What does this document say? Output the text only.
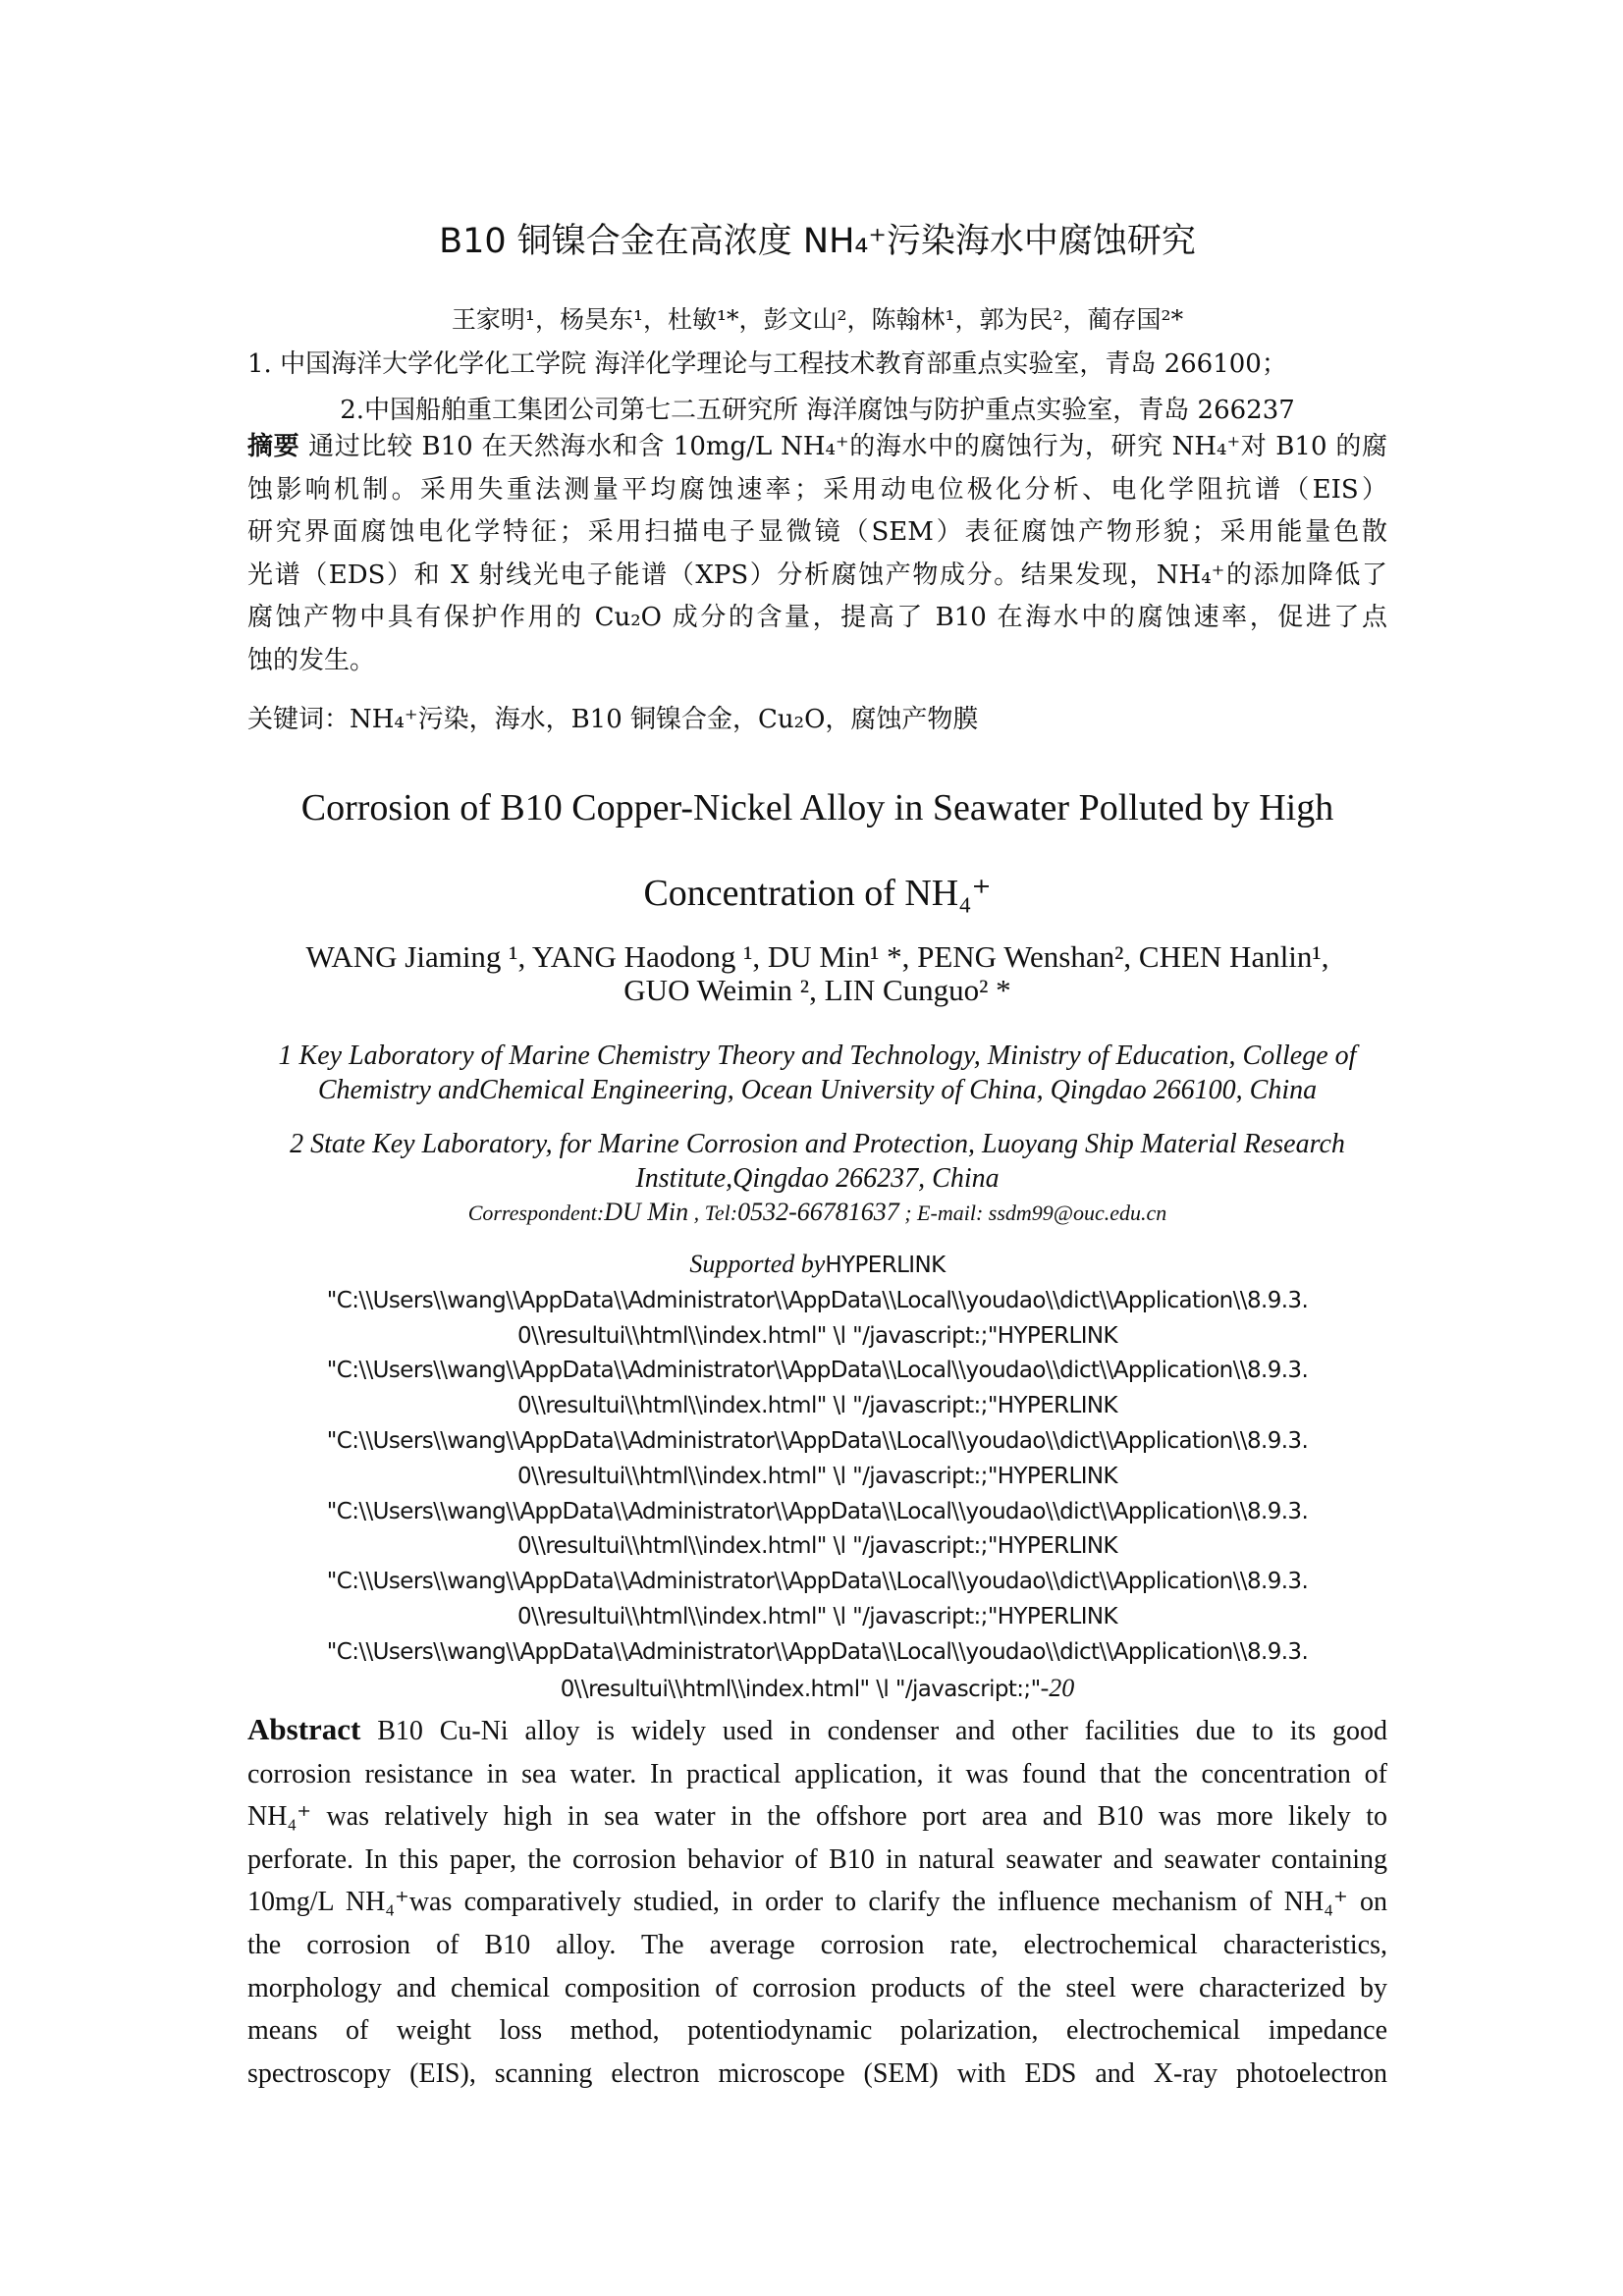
B10 铜镍合金在高浓度 NH₄⁺污染海水中腐蚀研究
王家明¹，杨昊东¹，杜敏¹*，彭文山²，陈翰林¹，郭为民²，蔺存国²*
1. 中国海洋大学化学化工学院 海洋化学理论与工程技术教育部重点实验室，青岛 266100；
2.中国船舶重工集团公司第七二五研究所 海洋腐蚀与防护重点实验室，青岛 266237
摘要 通过比较 B10 在天然海水和含 10mg/L NH₄⁺的海水中的腐蚀行为，研究 NH₄⁺对 B10 的腐
蚀影响机制。采用失重法测量平均腐蚀速率；采用动电位极化分析、电化学阻抗谱（EIS）
研究界面腐蚀电化学特征；采用扫描电子显微镜（SEM）表征腐蚀产物形貌；采用能量色散
光谱（EDS）和 X 射线光电子能谱（XPS）分析腐蚀产物成分。结果发现，NH₄⁺的添加降低了
腐蚀产物中具有保护作用的 Cu₂O 成分的含量，提高了 B10 在海水中的腐蚀速率，促进了点
蚀的发生。
关键词：NH₄⁺污染，海水，B10 铜镍合金，Cu₂O，腐蚀产物膜
Corrosion of B10 Copper-Nickel Alloy in Seawater Polluted by High
Concentration of NH₄⁺
WANG Jiaming ¹, YANG Haodong ¹, DU Min¹ *, PENG Wenshan², CHEN Hanlin¹,
GUO Weimin ², LIN Cunguo² *
1 Key Laboratory of Marine Chemistry Theory and Technology, Ministry of Education, College of
Chemistry andChemical Engineering, Ocean University of China, Qingdao 266100, China
2 State Key Laboratory, for Marine Corrosion and Protection, Luoyang Ship Material Research
Institute,Qingdao 266237, China
Correspondent:DU Min , Tel:0532-66781637 ; E-mail: ssdm99@ouc.edu.cn
Supported byHYPERLINK
"C:\\Users\\wang\\AppData\\Administrator\\AppData\\Local\\youdao\\dict\\Application\\8.9.3.
0\\resultui\\html\\index.html" \l "/javascript:;"HYPERLINK
"C:\\Users\\wang\\AppData\\Administrator\\AppData\\Local\\youdao\\dict\\Application\\8.9.3.
0\\resultui\\html\\index.html" \l "/javascript:;"HYPERLINK
"C:\\Users\\wang\\AppData\\Administrator\\AppData\\Local\\youdao\\dict\\Application\\8.9.3.
0\\resultui\\html\\index.html" \l "/javascript:;"HYPERLINK
"C:\\Users\\wang\\AppData\\Administrator\\AppData\\Local\\youdao\\dict\\Application\\8.9.3.
0\\resultui\\html\\index.html" \l "/javascript:;"HYPERLINK
"C:\\Users\\wang\\AppData\\Administrator\\AppData\\Local\\youdao\\dict\\Application\\8.9.3.
0\\resultui\\html\\index.html" \l "/javascript:;"HYPERLINK
"C:\\Users\\wang\\AppData\\Administrator\\AppData\\Local\\youdao\\dict\\Application\\8.9.3.
0\\resultui\\html\\index.html" \l "/javascript:;"-20
Abstract B10 Cu-Ni alloy is widely used in condenser and other facilities due to its good
corrosion resistance in sea water. In practical application, it was found that the concentration of
NH₄⁺ was relatively high in sea water in the offshore port area and B10 was more likely to
perforate. In this paper, the corrosion behavior of B10 in natural seawater and seawater containing
10mg/L NH₄⁺was comparatively studied, in order to clarify the influence mechanism of NH₄⁺ on
the corrosion of B10 alloy. The average corrosion rate, electrochemical characteristics,
morphology and chemical composition of corrosion products of the steel were characterized by
means of weight loss method, potentiodynamic polarization, electrochemical impedance
spectroscopy (EIS), scanning electron microscope (SEM) with EDS and X-ray photoelectron
